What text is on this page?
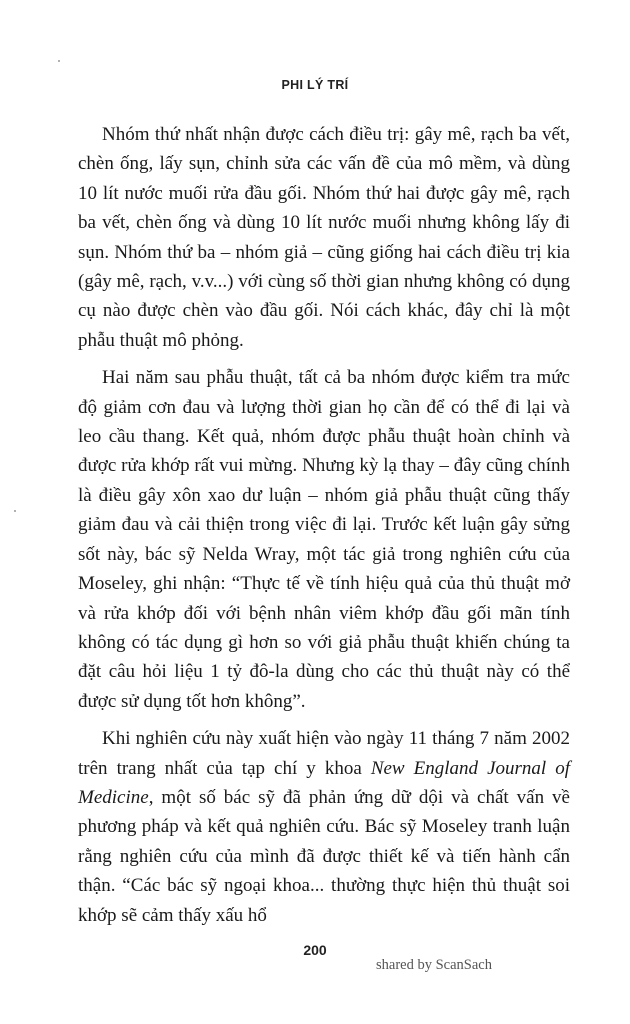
PHI LÝ TRÍ

Nhóm thứ nhất nhận được cách điều trị: gây mê, rạch ba vết, chèn ống, lấy sụn, chỉnh sửa các vấn đề của mô mềm, và dùng 10 lít nước muối rửa đầu gối. Nhóm thứ hai được gây mê, rạch ba vết, chèn ống và dùng 10 lít nước muối nhưng không lấy đi sụn. Nhóm thứ ba – nhóm giả – cũng giống hai cách điều trị kia (gây mê, rạch, v.v...) với cùng số thời gian nhưng không có dụng cụ nào được chèn vào đầu gối. Nói cách khác, đây chỉ là một phẫu thuật mô phỏng.

Hai năm sau phẫu thuật, tất cả ba nhóm được kiểm tra mức độ giảm cơn đau và lượng thời gian họ cần để có thể đi lại và leo cầu thang. Kết quả, nhóm được phẫu thuật hoàn chỉnh và được rửa khớp rất vui mừng. Nhưng kỳ lạ thay – đây cũng chính là điều gây xôn xao dư luận – nhóm giả phẫu thuật cũng thấy giảm đau và cải thiện trong việc đi lại. Trước kết luận gây sửng sốt này, bác sỹ Nelda Wray, một tác giả trong nghiên cứu của Moseley, ghi nhận: “Thực tế về tính hiệu quả của thủ thuật mở và rửa khớp đối với bệnh nhân viêm khớp đầu gối mãn tính không có tác dụng gì hơn so với giả phẫu thuật khiến chúng ta đặt câu hỏi liệu 1 tỷ đô-la dùng cho các thủ thuật này có thể được sử dụng tốt hơn không”.

Khi nghiên cứu này xuất hiện vào ngày 11 tháng 7 năm 2002 trên trang nhất của tạp chí y khoa New England Journal of Medicine, một số bác sỹ đã phản ứng dữ dội và chất vấn về phương pháp và kết quả nghiên cứu. Bác sỹ Moseley tranh luận rằng nghiên cứu của mình đã được thiết kế và tiến hành cẩn thận. “Các bác sỹ ngoại khoa... thường thực hiện thủ thuật soi khớp sẽ cảm thấy xấu hổ

200
shared by ScanSach
